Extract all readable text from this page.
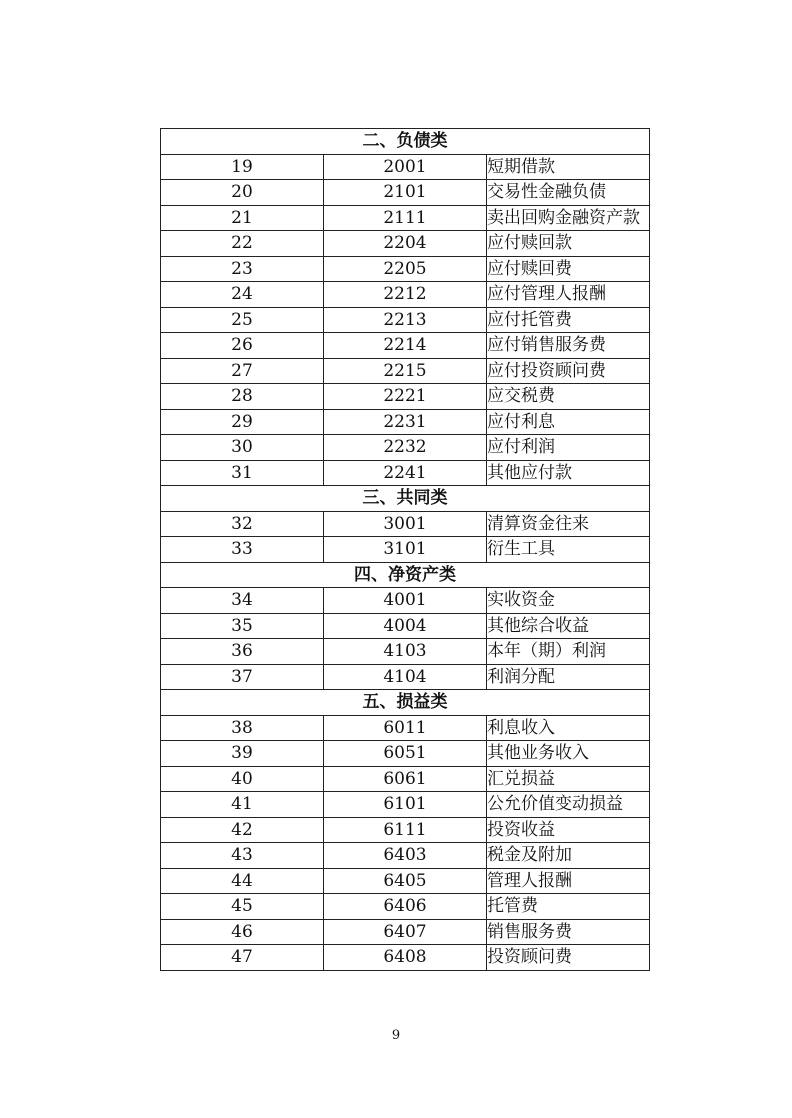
二、负债类		
19	2001	短期借款
20	2101	交易性金融负债
21	2111	卖出回购金融资产款
22	2204	应付赎回款
23	2205	应付赎回费
24	2212	应付管理人报酬
25	2213	应付托管费
26	2214	应付销售服务费
27	2215	应付投资顾问费
28	2221	应交税费
29	2231	应付利息
30	2232	应付利润
31	2241	其他应付款
三、共同类		
32	3001	清算资金往来
33	3101	衍生工具
四、净资产类		
34	4001	实收资金
35	4004	其他综合收益
36	4103	本年（期）利润
37	4104	利润分配
五、损益类		
38	6011	利息收入
39	6051	其他业务收入
40	6061	汇兑损益
41	6101	公允价值变动损益
42	6111	投资收益
43	6403	税金及附加
44	6405	管理人报酬
45	6406	托管费
46	6407	销售服务费
47	6408	投资顾问费
9
